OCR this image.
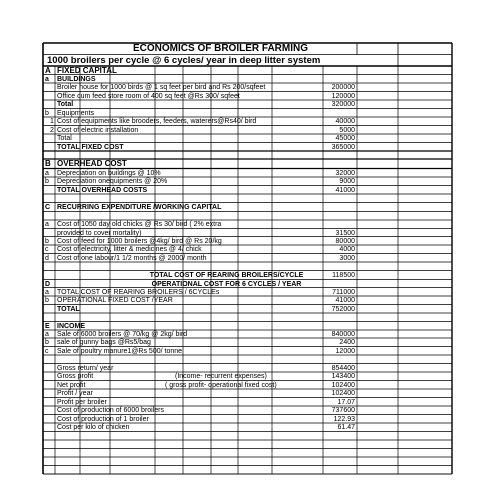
ECONOMICS OF BROILER FARMING
1000 broilers per cycle @ 6 cycles/ year in deep litter system
A FIXED CAPITAL
a BUILDINGS
Broiler house for 1000 birds @ 1 sq feet per bird and Rs 200/sqfeet	200000
Office cum feed store room of 400 sq feet @Rs 300/ sqfeet	120000
Total	320000
b Equipments
1 Cost of equipments like brooders, feeders, waterers@Rs40/ bird	40000
2 Cost of electric installation	5000
Total	45000
TOTAL FIXED COST	365000
B OVERHEAD COST
a Depreciation on buildings @ 10%	32000
b Depreciation onequipments @ 20%	9000
TOTAL OVERHEAD COSTS	41000
C RECURRING EXPENDITURE /WORKING CAPITAL
a Cost of 1050 day old chicks @ Rs 30/ bird ( 2% extra
provided to cover mortality)	31500
b Cost of feed for 1000 broilers @4kg/ bird @ Rs 20/kg	80000
c Cost of electricity, litter & medicines @ 4/ chick	4000
d Cost of one labour/1 1/2 months @ 2000/ month	3000
TOTAL COST OF REARING BROILERS/CYCLE	118500
D	OPERATIONAL COST FOR 6 CYCLES / YEAR
a TOTAL COST OF REARING BROILERS / 6CYCLEs	711000
b OPERATIONAL FIXED COST /YEAR	41000
TOTAL	752000
E INCOME
a Sale of 6000 broilers @ 70/kg @ 2kg/ bird	840000
b sale of gunny bags @Rs5/bag	2400
c Sale of poultry manure1@Rs 500/ tonne	12000
Gross return/ year	854400
Gross profit	(Income- recurrent expenses)	143400
Net profit	( gross profit- operational fixed cost)	102400
Profit / year	102400
Profit per broiler	17.07
Cost of production of 6000 broilers	737600
Cost of production of 1 broiler	122.93
Cost per kilo of chicken	61.47
